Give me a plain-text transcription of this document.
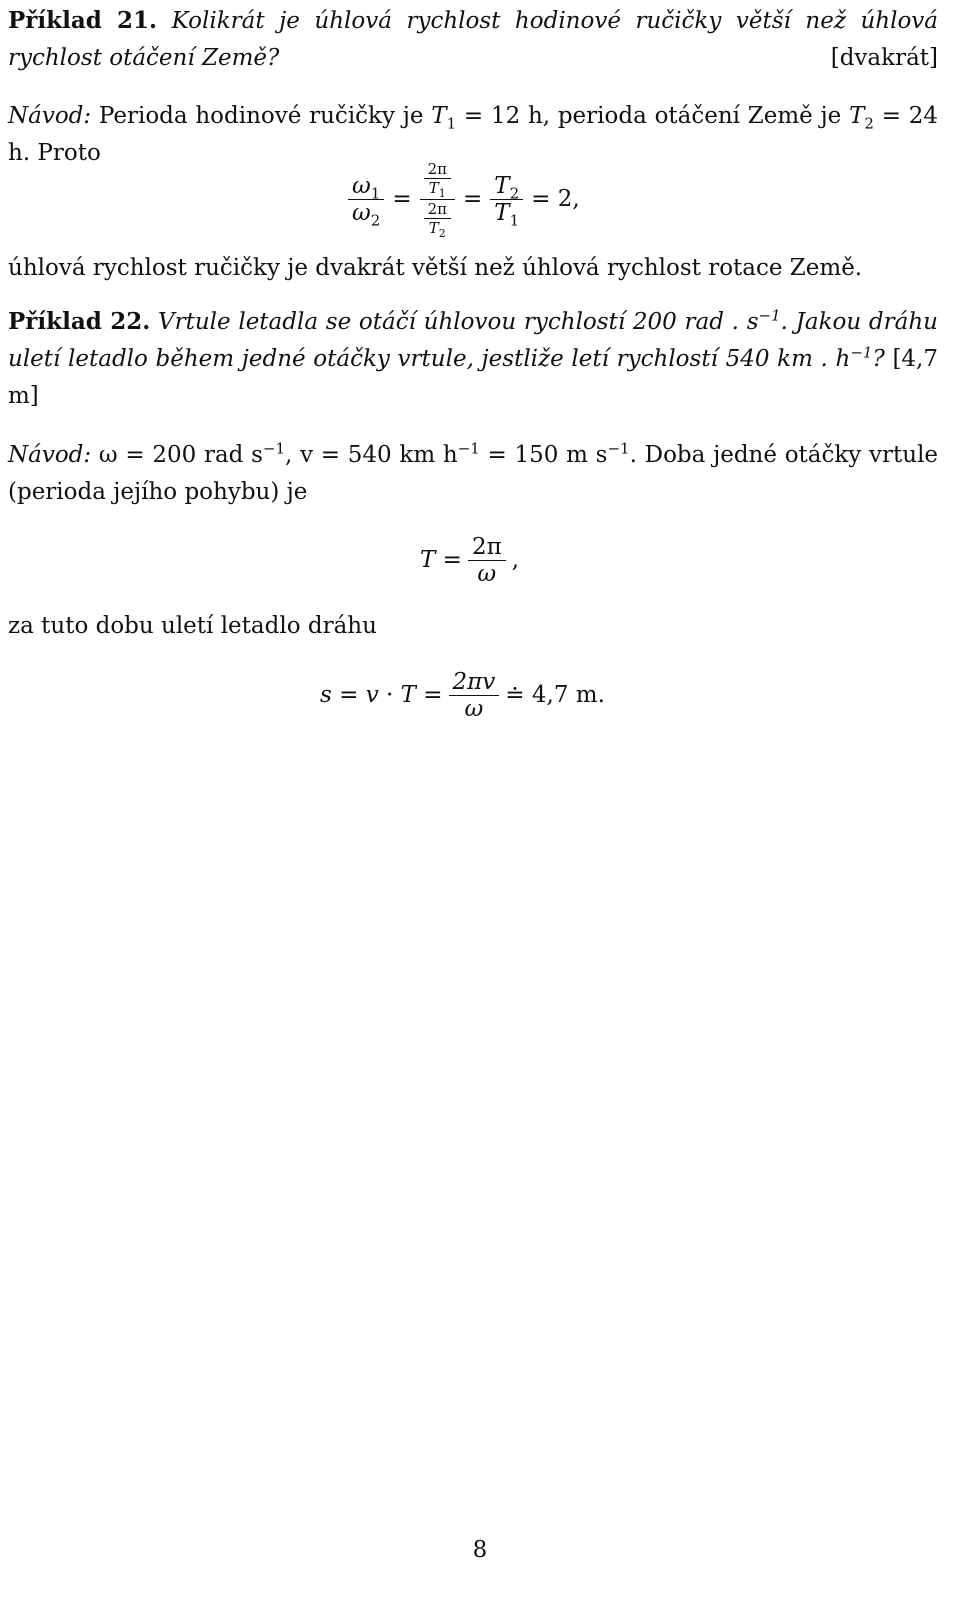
Příklad 21. Kolikrát je úhlová rychlost hodinové ručičky větší než úhlová rychlost otáčení Země?	[dvakrát]

Návod: Perioda hodinové ručičky je $T_1 = 12$ h, perioda otáčení Země je $T_2 = 24$ h. Proto

$\frac{\omega_1}{\omega_2} = \frac{\frac{2\pi}{T_1}}{\frac{2\pi}{T_2}} = \frac{T_2}{T_1} = 2$,

úhlová rychlost ručičky je dvakrát větší než úhlová rychlost rotace Země.

Příklad 22. Vrtule letadla se otáčí úhlovou rychlostí 200 rad . $s^{-1}$. Jakou dráhu uletí letadlo během jedné otáčky vrtule, jestliže letí rychlostí 540 km . $h^{-1}$? [4,7 m]

Návod: ω = 200 rad $s^{-1}$, v = 540 km $h^{-1} = 150$ m $s^{-1}$. Doba jedné otáčky vrtule (perioda jejího pohybu) je

$T = \frac{2\pi}{\omega}$ ,

za tuto dobu uletí letadlo dráhu

$s = v \cdot T = \frac{2\pi v}{\omega}$ ≐ 4,7 m.
8
